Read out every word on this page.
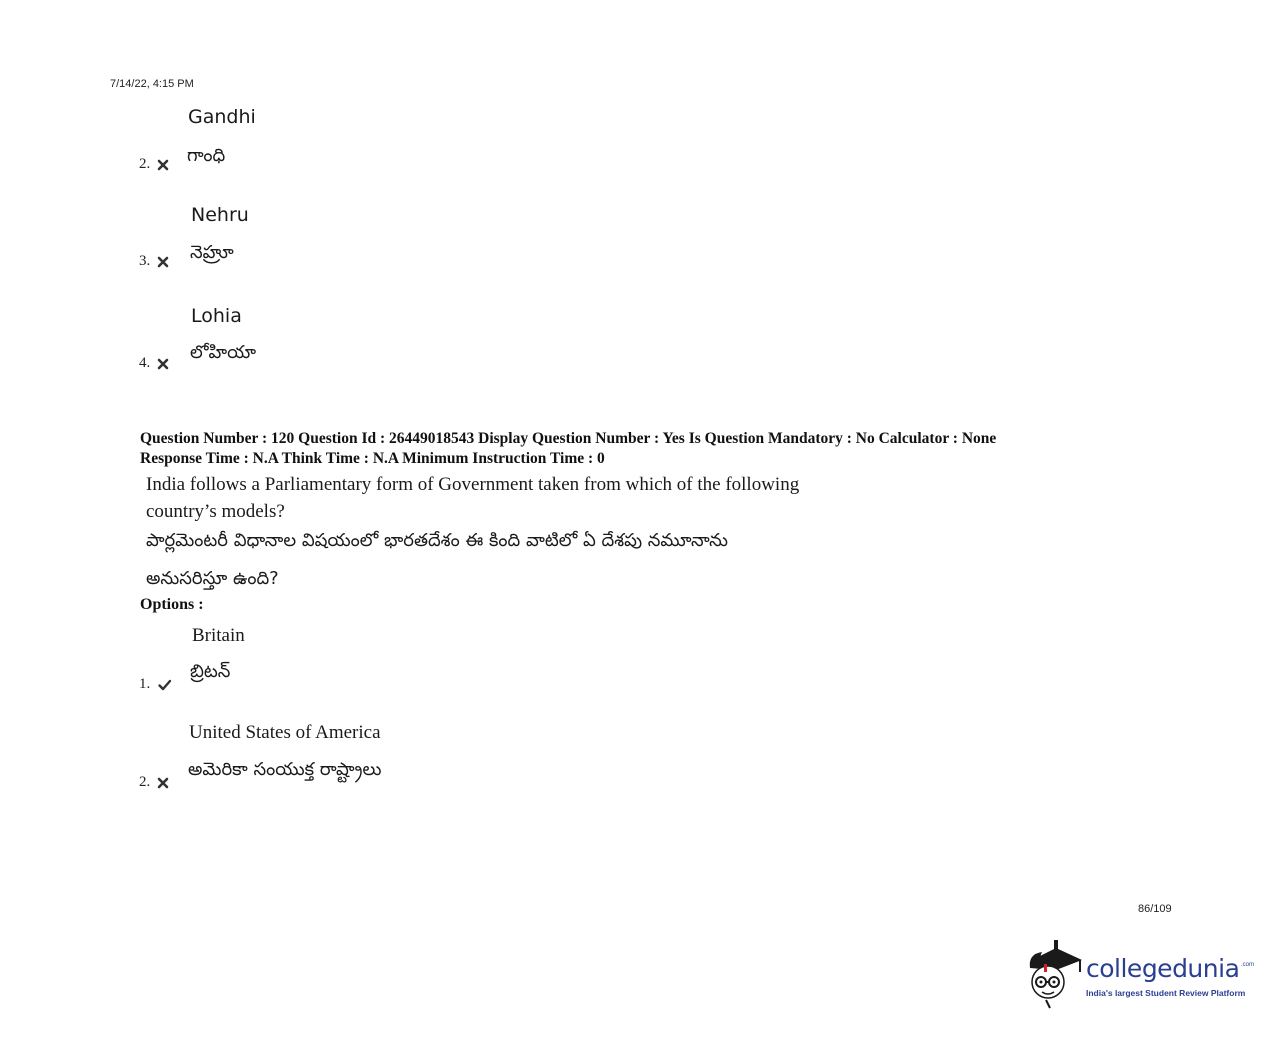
7/14/22, 4:15 PM
Gandhi
గాంధి
2.
Nehru
నెహ్రూ
3.
Lohia
లోహియా
4.
Question Number : 120 Question Id : 26449018543 Display Question Number : Yes Is Question Mandatory : No Calculator : None
Response Time : N.A Think Time : N.A Minimum Instruction Time : 0
India follows a Parliamentary form of Government taken from which of the following
country’s models?
పార్లమెంటరీ విధానాల విషయంలో భారతదేశం ఈ కింది వాటిలో ఏ దేశపు నమూనాను
అనుసరిస్తూ ఉంది?
Options :
Britain
బ్రిటన్
1.
United States of America
అమెరికా సంయుక్త రాష్ట్రాలు
2.
86/109
collegedunia .com
India's largest Student Review Platform
